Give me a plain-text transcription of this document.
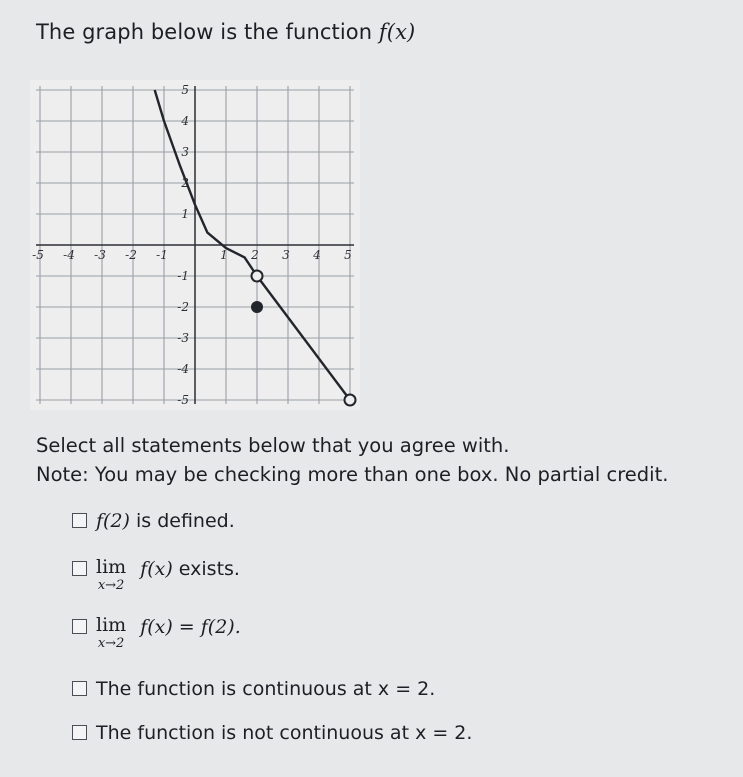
The graph below is the function f(x)
-5 -4 -3 -2 -1	1 2 3 4 5
5
4
3
2
1
-1
-2
-3
-4
-5
Select all statements below that you agree with.
Note: You may be checking more than one box. No partial credit.
f(2) is defined.
lim
x→2
f(x) exists.
lim
x→2
f(x) = f(2).
The function is continuous at x = 2.
The function is not continuous at x = 2.
